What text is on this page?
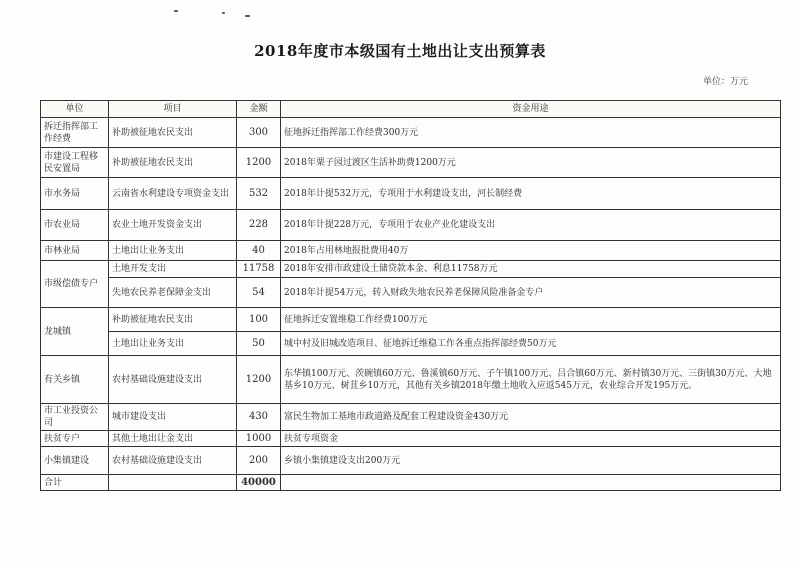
2018年度市本级国有土地出让支出预算表
单位：万元
单位	项目	金额	资金用途
拆迁指挥部工作经费	补助被征地农民支出	300	征地拆迁指挥部工作经费300万元
市建设工程移民安置局	补助被征地农民支出	1200	2018年栗子园过渡区生活补助费1200万元
市水务局	云南省水利建设专项资金支出	532	2018年计提532万元，专项用于水利建设支出，河长制经费
市农业局	农业土地开发资金支出	228	2018年计提228万元，专项用于农业产业化建设支出
市林业局	土地出让业务支出	40	2018年占用林地报批费用40万
市级偿债专户	土地开发支出	11758	2018年安排市政建设土储贷款本金、利息11758万元
	失地农民养老保障金支出	54	2018年计提54万元，转入财政失地农民养老保障风险准备金专户
龙城镇	补助被征地农民支出	100	征地拆迁安置维稳工作经费100万元
	土地出让业务支出	50	城中村及旧城改造项目、征地拆迁维稳工作各重点指挥部经费50万元
有关乡镇	农村基础设施建设支出	1200	东华镇100万元、茨碗镇60万元、鲁溪镇60万元、子午镇100万元、吕合镇60万元、新村镇30万元、三街镇30万元、大地基乡10万元、树苴乡10万元，其他有关乡镇2018年缴土地收入应返545万元，农业综合开发195万元。
市工业投资公司	城市建设支出	430	富民生物加工基地市政道路及配套工程建设资金430万元
扶贫专户	其他土地出让金支出	1000	扶贫专项资金
小集镇建设	农村基础设施建设支出	200	乡镇小集镇建设支出200万元
合计		40000	
